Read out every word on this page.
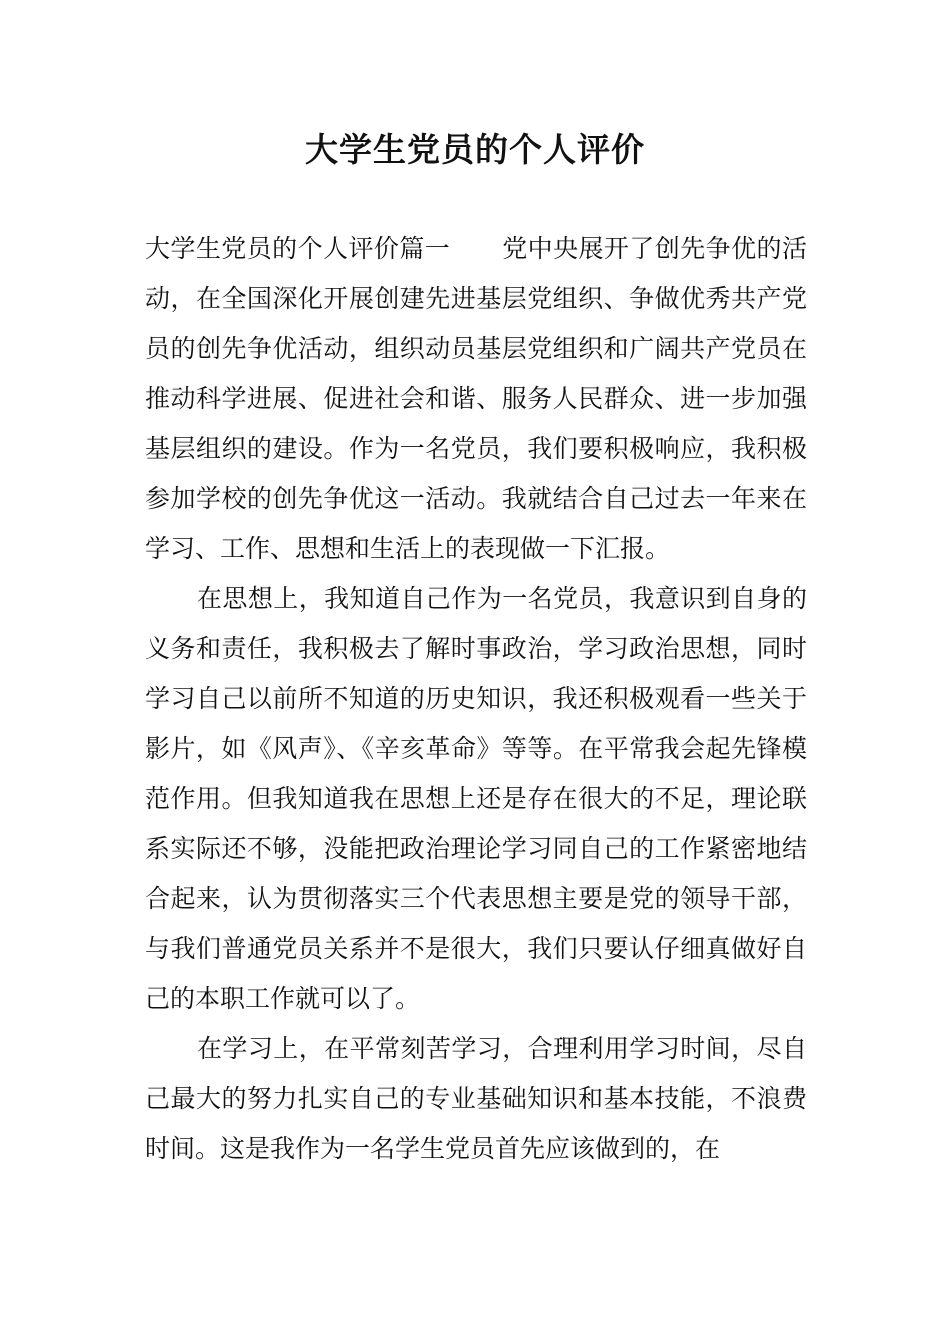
大学生党员的个人评价

大学生党员的个人评价篇一 党中央展开了创先争优的活动，在全国深化开展创建先进基层党组织、争做优秀共产党员的创先争优活动，组织动员基层党组织和广阔共产党员在推动科学进展、促进社会和谐、服务人民群众、进一步加强基层组织的建设。作为一名党员，我们要积极响应，我积极参加学校的创先争优这一活动。我就结合自己过去一年来在学习、工作、思想和生活上的表现做一下汇报。

在思想上，我知道自己作为一名党员，我意识到自身的义务和责任，我积极去了解时事政治，学习政治思想，同时学习自己以前所不知道的历史知识，我还积极观看一些关于影片，如《风声》、《辛亥革命》等等。在平常我会起先锋模范作用。但我知道我在思想上还是存在很大的不足，理论联系实际还不够，没能把政治理论学习同自己的工作紧密地结合起来，认为贯彻落实三个代表思想主要是党的领导干部，与我们普通党员关系并不是很大，我们只要认仔细真做好自己的本职工作就可以了。

在学习上，在平常刻苦学习，合理利用学习时间，尽自己最大的努力扎实自己的专业基础知识和基本技能，不浪费时间。这是我作为一名学生党员首先应该做到的，在
